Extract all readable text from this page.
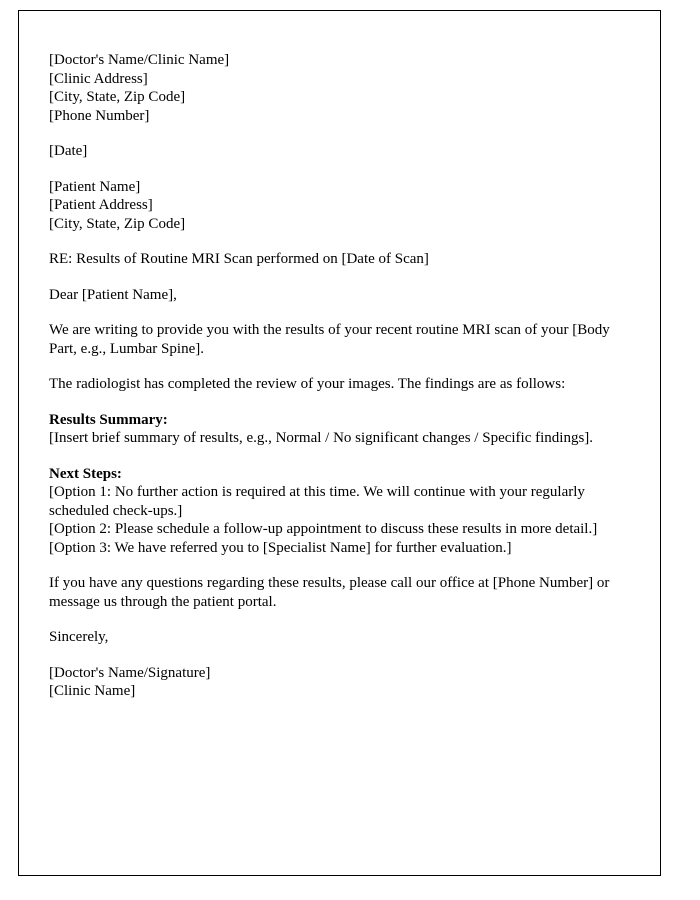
[Doctor's Name/Clinic Name]
[Clinic Address]
[City, State, Zip Code]
[Phone Number]
[Date]
[Patient Name]
[Patient Address]
[City, State, Zip Code]
RE: Results of Routine MRI Scan performed on [Date of Scan]
Dear [Patient Name],
We are writing to provide you with the results of your recent routine MRI scan of your [Body Part, e.g., Lumbar Spine].
The radiologist has completed the review of your images. The findings are as follows:
Results Summary:
[Insert brief summary of results, e.g., Normal / No significant changes / Specific findings].
Next Steps:
[Option 1: No further action is required at this time. We will continue with your regularly scheduled check-ups.]
[Option 2: Please schedule a follow-up appointment to discuss these results in more detail.]
[Option 3: We have referred you to [Specialist Name] for further evaluation.]
If you have any questions regarding these results, please call our office at [Phone Number] or message us through the patient portal.
Sincerely,
[Doctor's Name/Signature]
[Clinic Name]
